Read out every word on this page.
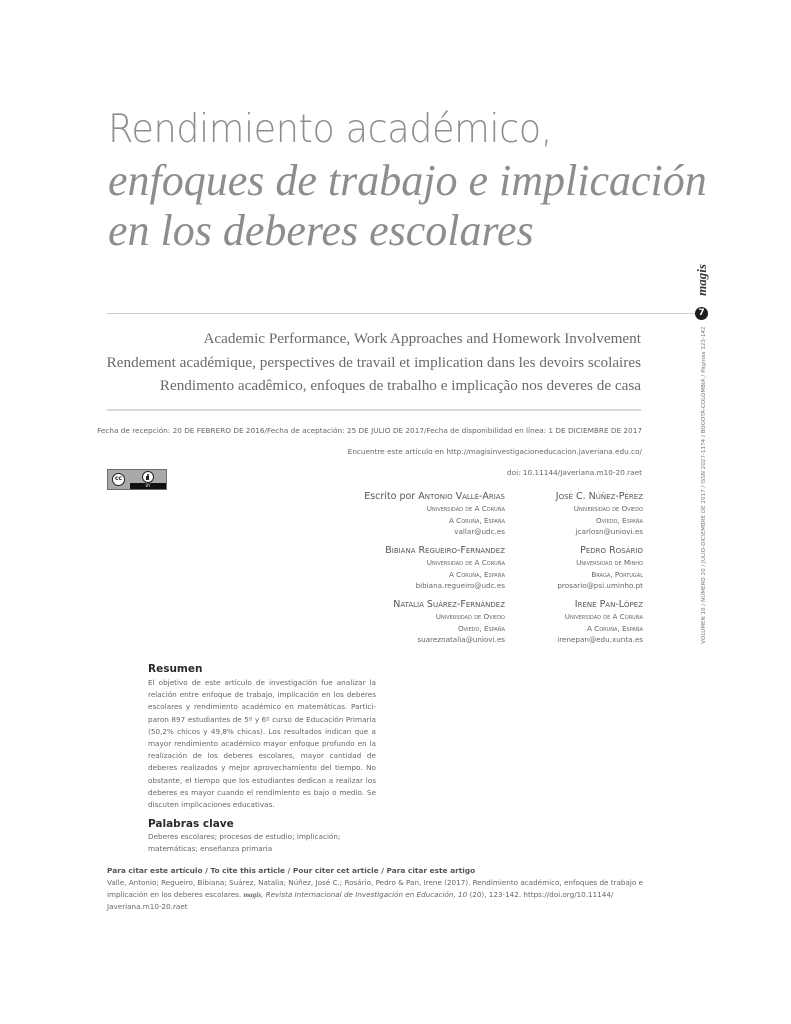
Rendimiento académico,
enfoques de trabajo e implicación
en los deberes escolares
magis
7
VOLUMEN 10 / NÚMERO 20 / JULIO-DICIEMBRE DE 2017 / ISSN 2027-1174 / BOGOTÁ-COLOMBIA / Páginas 123-142
Academic Performance, Work Approaches and Homework Involvement
Rendement académique, perspectives de travail et implication dans les devoirs scolaires
Rendimento acadêmico, enfoques de trabalho e implicação nos deveres de casa
Fecha de recepción: 20 DE FEBRERO DE 2016/Fecha de aceptación: 25 DE JULIO DE 2017/Fecha de disponibilidad en línea: 1 DE DICIEMBRE DE 2017
Encuentre este artículo en http://magisinvestigacioneducacion.javeriana.edu.co/
doi: 10.11144/Javeriana.m10-20.raet
cc
BY
Escrito por Antonio Valle-Arias
Universidad de A Coruña
A Coruña, España
vallar@udc.es
José C. Núñez-Pérez
Universidad de Oviedo
Oviedo, España
jcarlosn@uniovi.es
Bibiana Regueiro-Fernández
Universidad de A Coruña
A Coruña, España
bibiana.regueiro@udc.es
Pedro Rosário
Universidad de Minho
Braga, Portugal
prosario@psi.uminho.pt
Natalia Suárez-Fernández
Universidad de Oviedo
Oviedo, España
suareznatalia@uniovi.es
Irene Pan-López
Universidad de A Coruña
A Coruña, España
irenepan@edu.xunta.es
Resumen
El objetivo de este artículo de investigación fue analizar la relación entre enfoque de trabajo, implicación en los deberes escolares y rendimiento académico en matemáticas. Participaron 897 estudiantes de 5º y 6º curso de Educación Primaria (50,2% chicos y 49,8% chicas). Los resultados indican que a mayor rendimiento académico mayor enfoque profundo en la realización de los deberes escolares, mayor cantidad de deberes realizados y mejor aprovechamiento del tiempo. No obstante, el tiempo que los estudiantes dedican a realizar los deberes es mayor cuando el rendimiento es bajo o medio. Se discuten implicaciones educativas.
Palabras clave
Deberes escolares; procesos de estudio; implicación;
matemáticas; enseñanza primaria
Para citar este artículo / To cite this article / Pour citer cet article / Para citar este artigo
Valle, Antonio; Regueiro, Bibiana; Suárez, Natalia; Núñez, José C.; Rosário, Pedro & Pan, Irene (2017). Rendimiento académico, enfoques de trabajo e implicación en los deberes escolares. magis, Revista Internacional de Investigación en Educación, 10 (20), 123-142. https://doi.org/10.11144/ Javeriana.m10-20.raet
